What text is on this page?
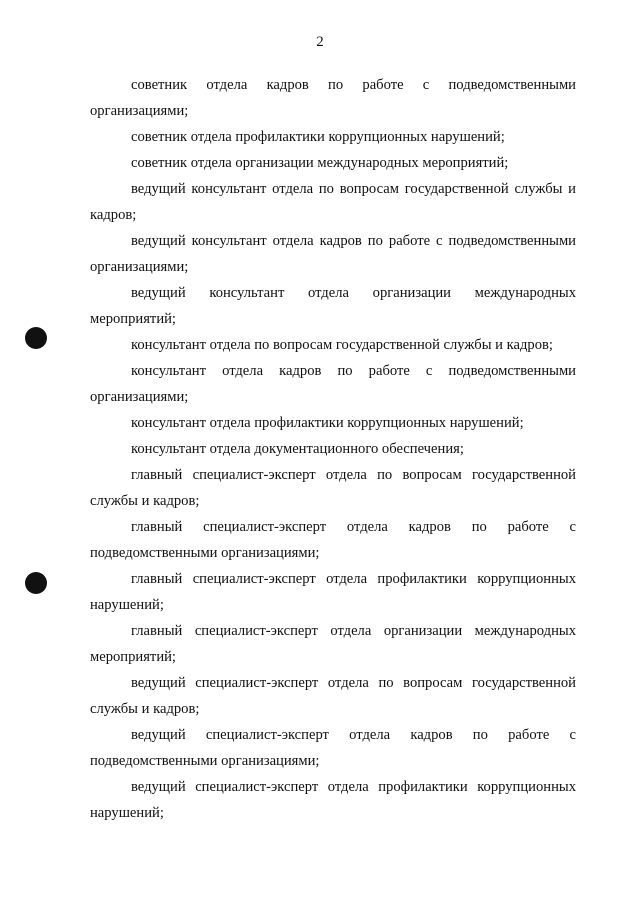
2

советник отдела кадров по работе с подведомственными организациями;

советник отдела профилактики коррупционных нарушений;

советник отдела организации международных мероприятий;

ведущий консультант отдела по вопросам государственной службы и кадров;

ведущий консультант отдела кадров по работе с подведомственными организациями;

ведущий консультант отдела организации международных мероприятий;

консультант отдела по вопросам государственной службы и кадров;

консультант отдела кадров по работе с подведомственными организациями;

консультант отдела профилактики коррупционных нарушений;

консультант отдела документационного обеспечения;

главный специалист-эксперт отдела по вопросам государственной службы и кадров;

главный специалист-эксперт отдела кадров по работе с подведомственными организациями;

главный специалист-эксперт отдела профилактики коррупционных нарушений;

главный специалист-эксперт отдела организации международных мероприятий;

ведущий специалист-эксперт отдела по вопросам государственной службы и кадров;

ведущий специалист-эксперт отдела кадров по работе с подведомственными организациями;

ведущий специалист-эксперт отдела профилактики коррупционных нарушений;
